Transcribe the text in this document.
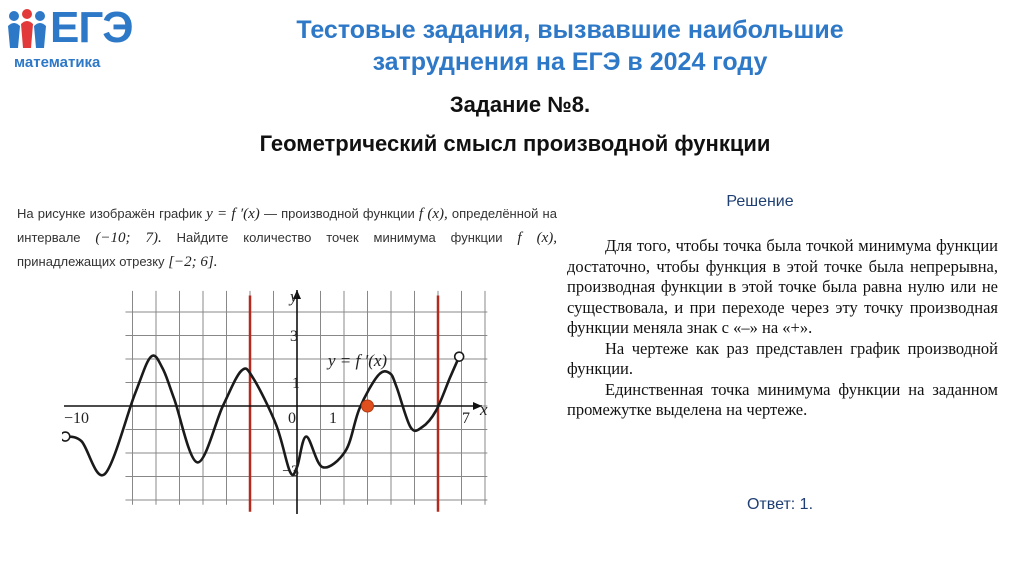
ЕГЭ
математика
Тестовые задания, вызвавшие наибольшие
затруднения на ЕГЭ в 2024 году
Задание №8.
Геометрический смысл производной функции
На рисунке изображён график y = f ′(x) — производной функции f (x), определённой на интервале (−10; 7). Найдите количество точек минимума функции f (x), принадлежащих отрезку [−2; 6].
y
x
−10	0 1	7
3
1
−3
y = f ′(x)
Решение

Для того, чтобы точка была точкой минимума функции достаточно, чтобы функция в этой точке была непрерывна, производная функции в этой точке была равна нулю или не существовала, и при переходе через эту точку производная функции меняла знак с «–» на «+».

На чертеже как раз представлен график производной функции.

Единственная точка минимума функции на заданном промежутке выделена на чертеже.

Ответ: 1.
